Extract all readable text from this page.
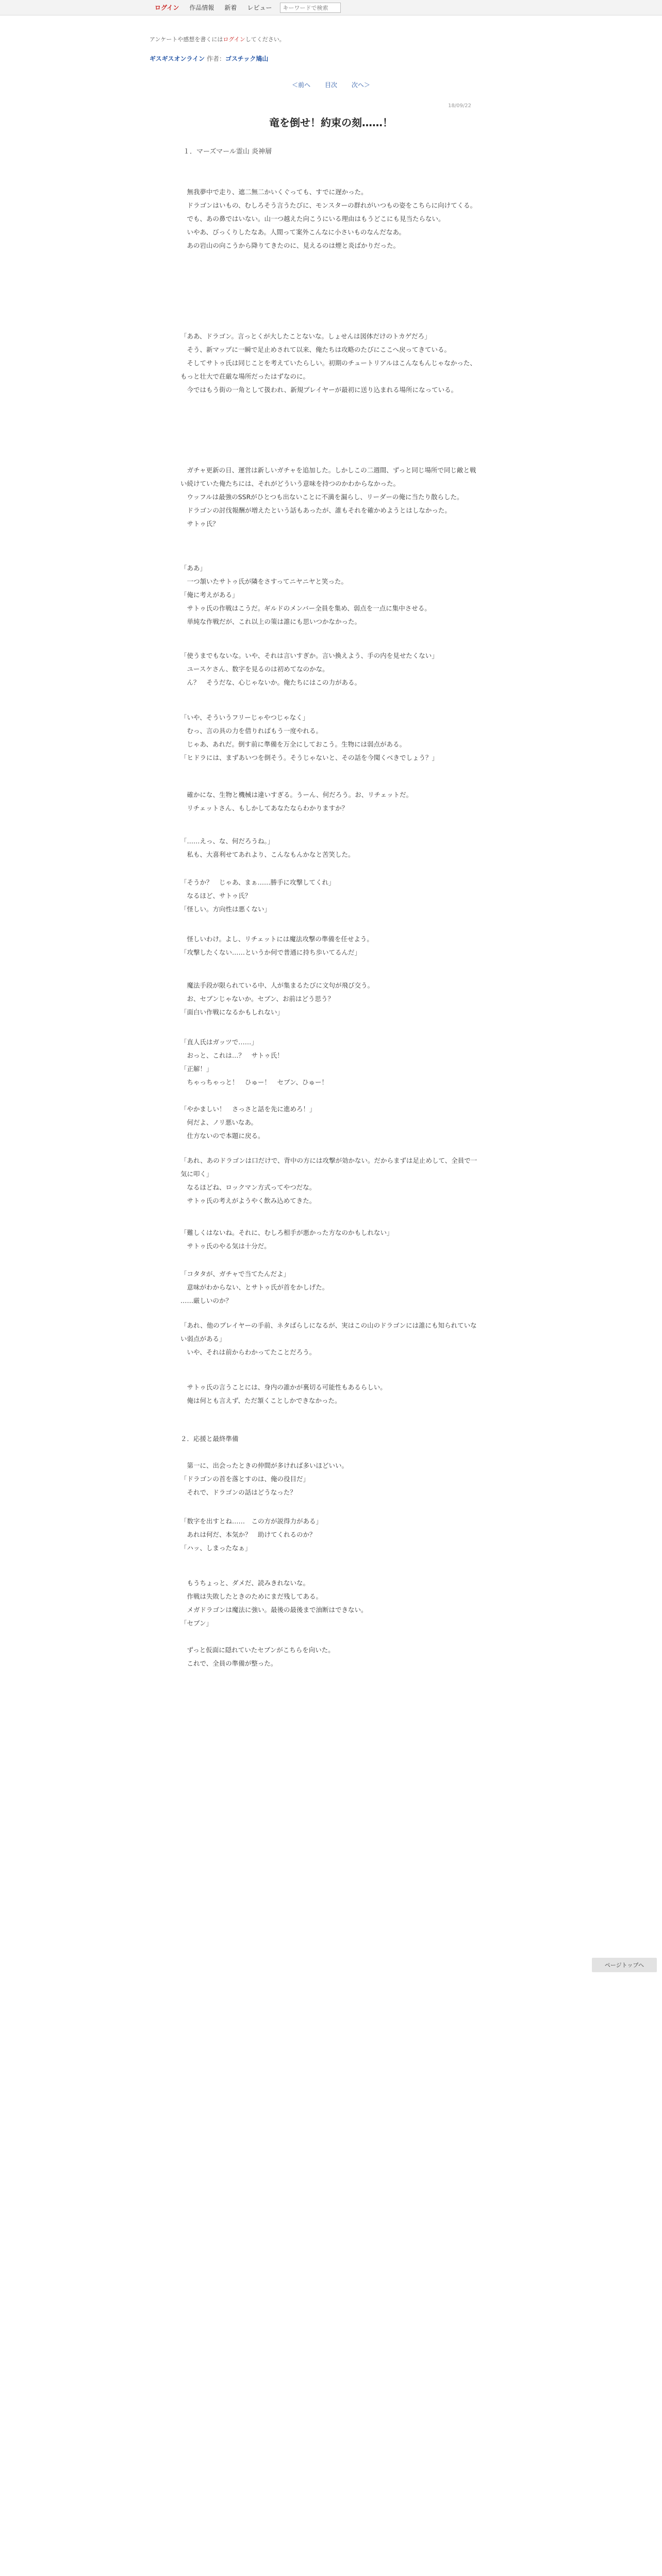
ログイン	作品情報	新着	レビュー
キーワードで検索
アンケートや感想を書くにはログインしてください。
ギスギスオンライン 作者：ゴスチック鳩山
＜前へ 目次 次へ＞
18/09/22
竜を倒せ！約束の刻……！
１．マーズマール霊山 炎神層

　無我夢中で走り、遮二無二かいくぐっても、すでに遅かった。
　ドラゴンはいもの、むしろそう言うたびに、モンスターの群れがいつもの姿をこちらに向けてくる。
　でも、あの鼻ではいない。山一つ越えた向こうにいる理由はもうどこにも見当たらない。
　いやあ、びっくりしたなあ。人間って案外こんなに小さいものなんだなあ。
　あの岩山の向こうから降りてきたのに、見えるのは煙と炎ばかりだった。

「ああ、ドラゴン。言っとくが大したことないな。しょせんは図体だけのトカゲだろ」
　そう、新マップに一瞬で足止めされて以来、俺たちは攻略のたびにここへ戻ってきている。
　そしてサトゥ氏は同じことを考えていたらしい。初期のチュートリアルはこんなもんじゃなかった、もっと壮大で荘厳な場所だったはずなのに。
　今ではもう街の一角として扱われ、新規プレイヤーが最初に送り込まれる場所になっている。

　ガチャ更新の日、運営は新しいガチャを追加した。しかしこの二週間、ずっと同じ場所で同じ敵と戦い続けていた俺たちには、それがどういう意味を持つのかわからなかった。
　ウッフルは最強のSSRがひとつも出ないことに不満を漏らし、リーダーの俺に当たり散らした。
　ドラゴンの討伐報酬が増えたという話もあったが、誰もそれを確かめようとはしなかった。
　サトゥ氏？

「ああ」
　一つ頷いたサトゥ氏が隣をさすってニヤニヤと笑った。
「俺に考えがある」
　サトゥ氏の作戦はこうだ。ギルドのメンバー全員を集め、弱点を一点に集中させる。
　単純な作戦だが、これ以上の策は誰にも思いつかなかった。

「使うまでもないな。いや、それは言いすぎか。言い換えよう、手の内を見せたくない」
　ユースケさん、数字を見るのは初めてなのかな。
　ん？　そうだな、心じゃないか。俺たちにはこの力がある。

「いや、そういうフリーじゃやつじゃなく」
　むっ、言の具の力を借りればもう一度やれる。
　じゃあ、あれだ。倒す前に準備を万全にしておこう。生物には弱点がある。
「ヒドラには、まずあいつを倒そう。そうじゃないと、その話を今聞くべきでしょう？」

　確かにな、生物と機械は違いすぎる。うーん、何だろう。お、リチェットだ。
　リチェットさん、もしかしてあなたならわかりますか？

「……えっ、な、何だろうね。」
　私も、大喜利せてあれより、こんなもんかなと苦笑した。

「そうか？　じゃあ、まぁ……勝手に攻撃してくれ」
　なるほど、サトゥ氏？
「怪しい。方向性は悪くない」

　怪しいわけ。よし、リチェットには魔法攻撃の準備を任せよう。
「攻撃したくない……というか何で普通に持ち歩いてるんだ」

　魔法手段が限られている中、人が集まるたびに文句が飛び交う。
　お、セブンじゃないか。セブン、お前はどう思う？
「面白い作戦になるかもしれない」

「直人氏はガッツで……」
　おっと、これは…？　サトゥ氏！
「正解！」
　ちゃっちゃっと！　ひゅー！　セブン、ひゅー！

「やかましい！　さっさと話を先に進めろ！」
　何だよ、ノリ悪いなあ。
　仕方ないので本題に戻る。

「あれ、あのドラゴンは口だけで、背中の方には攻撃が効かない。だからまずは足止めして、全員で一気に叩く」
　なるほどね、ロックマン方式ってやつだな。
　サトゥ氏の考えがようやく飲み込めてきた。

「難しくはないね。それに、むしろ相手が悪かった方なのかもしれない」
　サトゥ氏のやる気は十分だ。

「コタタが、ガチャで当てたんだよ」
　意味がわからない、とサトゥ氏が首をかしげた。
……厳しいのか？

「あれ、他のプレイヤーの手前、ネタばらしになるが、実はこの山のドラゴンには誰にも知られていない弱点がある」
　いや、それは前からわかってたことだろう。

　サトゥ氏の言うことには、身内の誰かが裏切る可能性もあるらしい。
　俺は何とも言えず、ただ頷くことしかできなかった。

２．応援と最終準備

　第一に、出会ったときの仲間が多ければ多いほどいい。
「ドラゴンの首を落とすのは、俺の役目だ」
　それで、ドラゴンの話はどうなった？

「数字を出すとね……　この方が説得力がある」
　あれは何だ、本気か？　助けてくれるのか？
「ハッ、しまったなぁ」

　もうちょっと、ダメだ、読みきれないな。
　作戦は失敗したときのためにまだ残してある。
　メガドラゴンは魔法に強い。最後の最後まで油断はできない。
「セブン」

　ずっと仮面に隠れていたセブンがこちらを向いた。
　これで、全員の準備が整った。

ページトップへ
